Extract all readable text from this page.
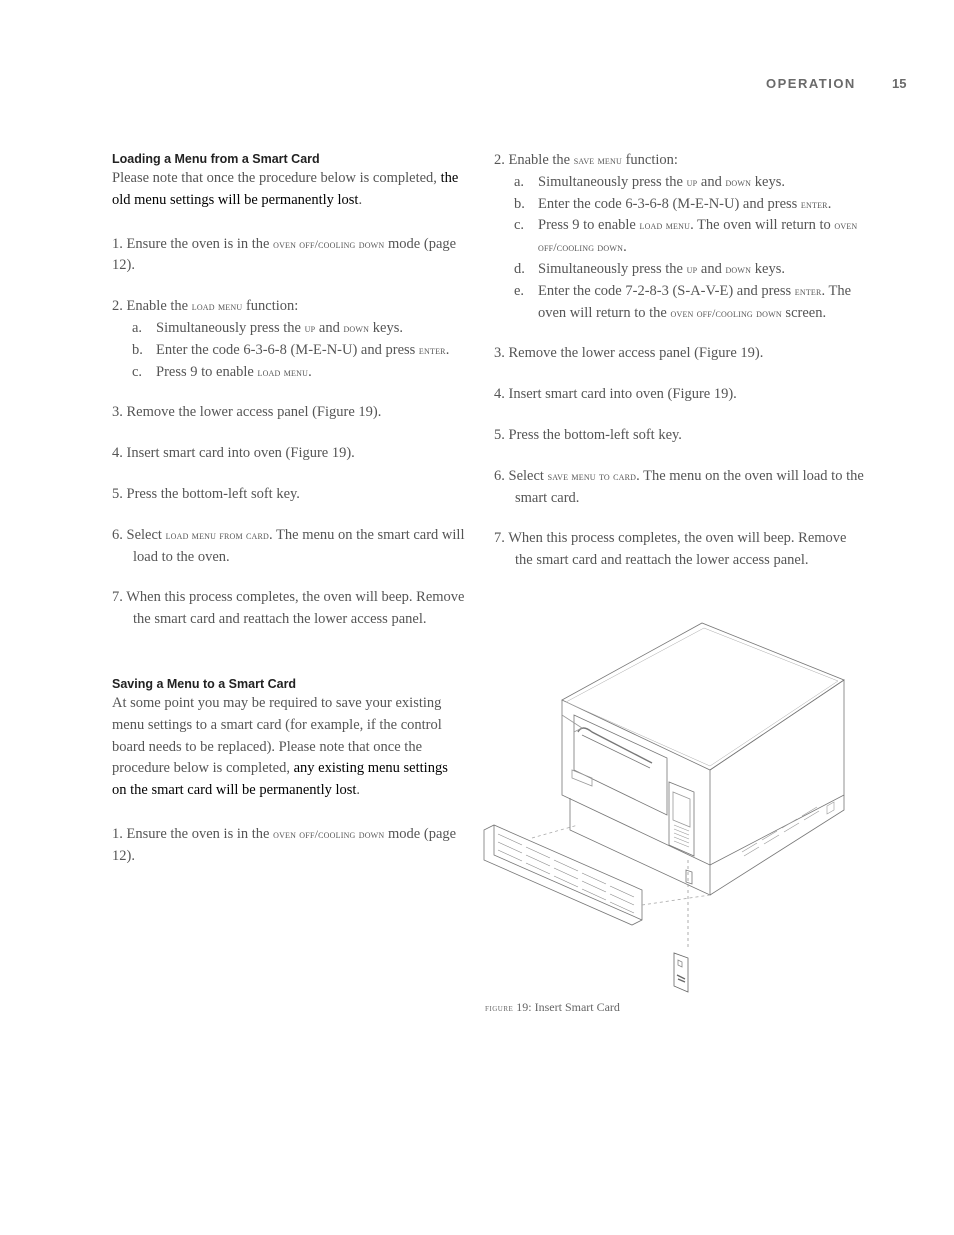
OPERATION	15
Loading a Menu from a Smart Card

Please note that once the procedure below is completed, the old menu settings will be permanently lost.

1. Ensure the oven is in the oven off/cooling down mode (page 12).
2. Enable the load menu function:
a. Simultaneously press the up and down keys.
b. Enter the code 6-3-6-8 (M-E-N-U) and press enter.
c. Press 9 to enable load menu.
3. Remove the lower access panel (Figure 19).
4. Insert smart card into oven (Figure 19).
5. Press the bottom-left soft key.
6. Select load menu from card. The menu on the smart card will load to the oven.
7. When this process completes, the oven will beep. Remove the smart card and reattach the lower access panel.
Saving a Menu to a Smart Card

At some point you may be required to save your existing menu settings to a smart card (for example, if the control board needs to be replaced). Please note that once the procedure below is completed, any existing menu settings on the smart card will be permanently lost.

1. Ensure the oven is in the oven off/cooling down mode (page 12).
2. Enable the save menu function:
a. Simultaneously press the up and down keys.
b. Enter the code 6-3-6-8 (M-E-N-U) and press enter.
c. Press 9 to enable load menu. The oven will return to oven off/cooling down.
d. Simultaneously press the up and down keys.
e. Enter the code 7-2-8-3 (S-A-V-E) and press enter. The oven will return to the oven off/cooling down screen.
3. Remove the lower access panel (Figure 19).
4. Insert smart card into oven (Figure 19).
5. Press the bottom-left soft key.
6. Select save menu to card. The menu on the oven will load to the smart card.
7. When this process completes, the oven will beep. Remove the smart card and reattach the lower access panel.
figure 19: Insert Smart Card
